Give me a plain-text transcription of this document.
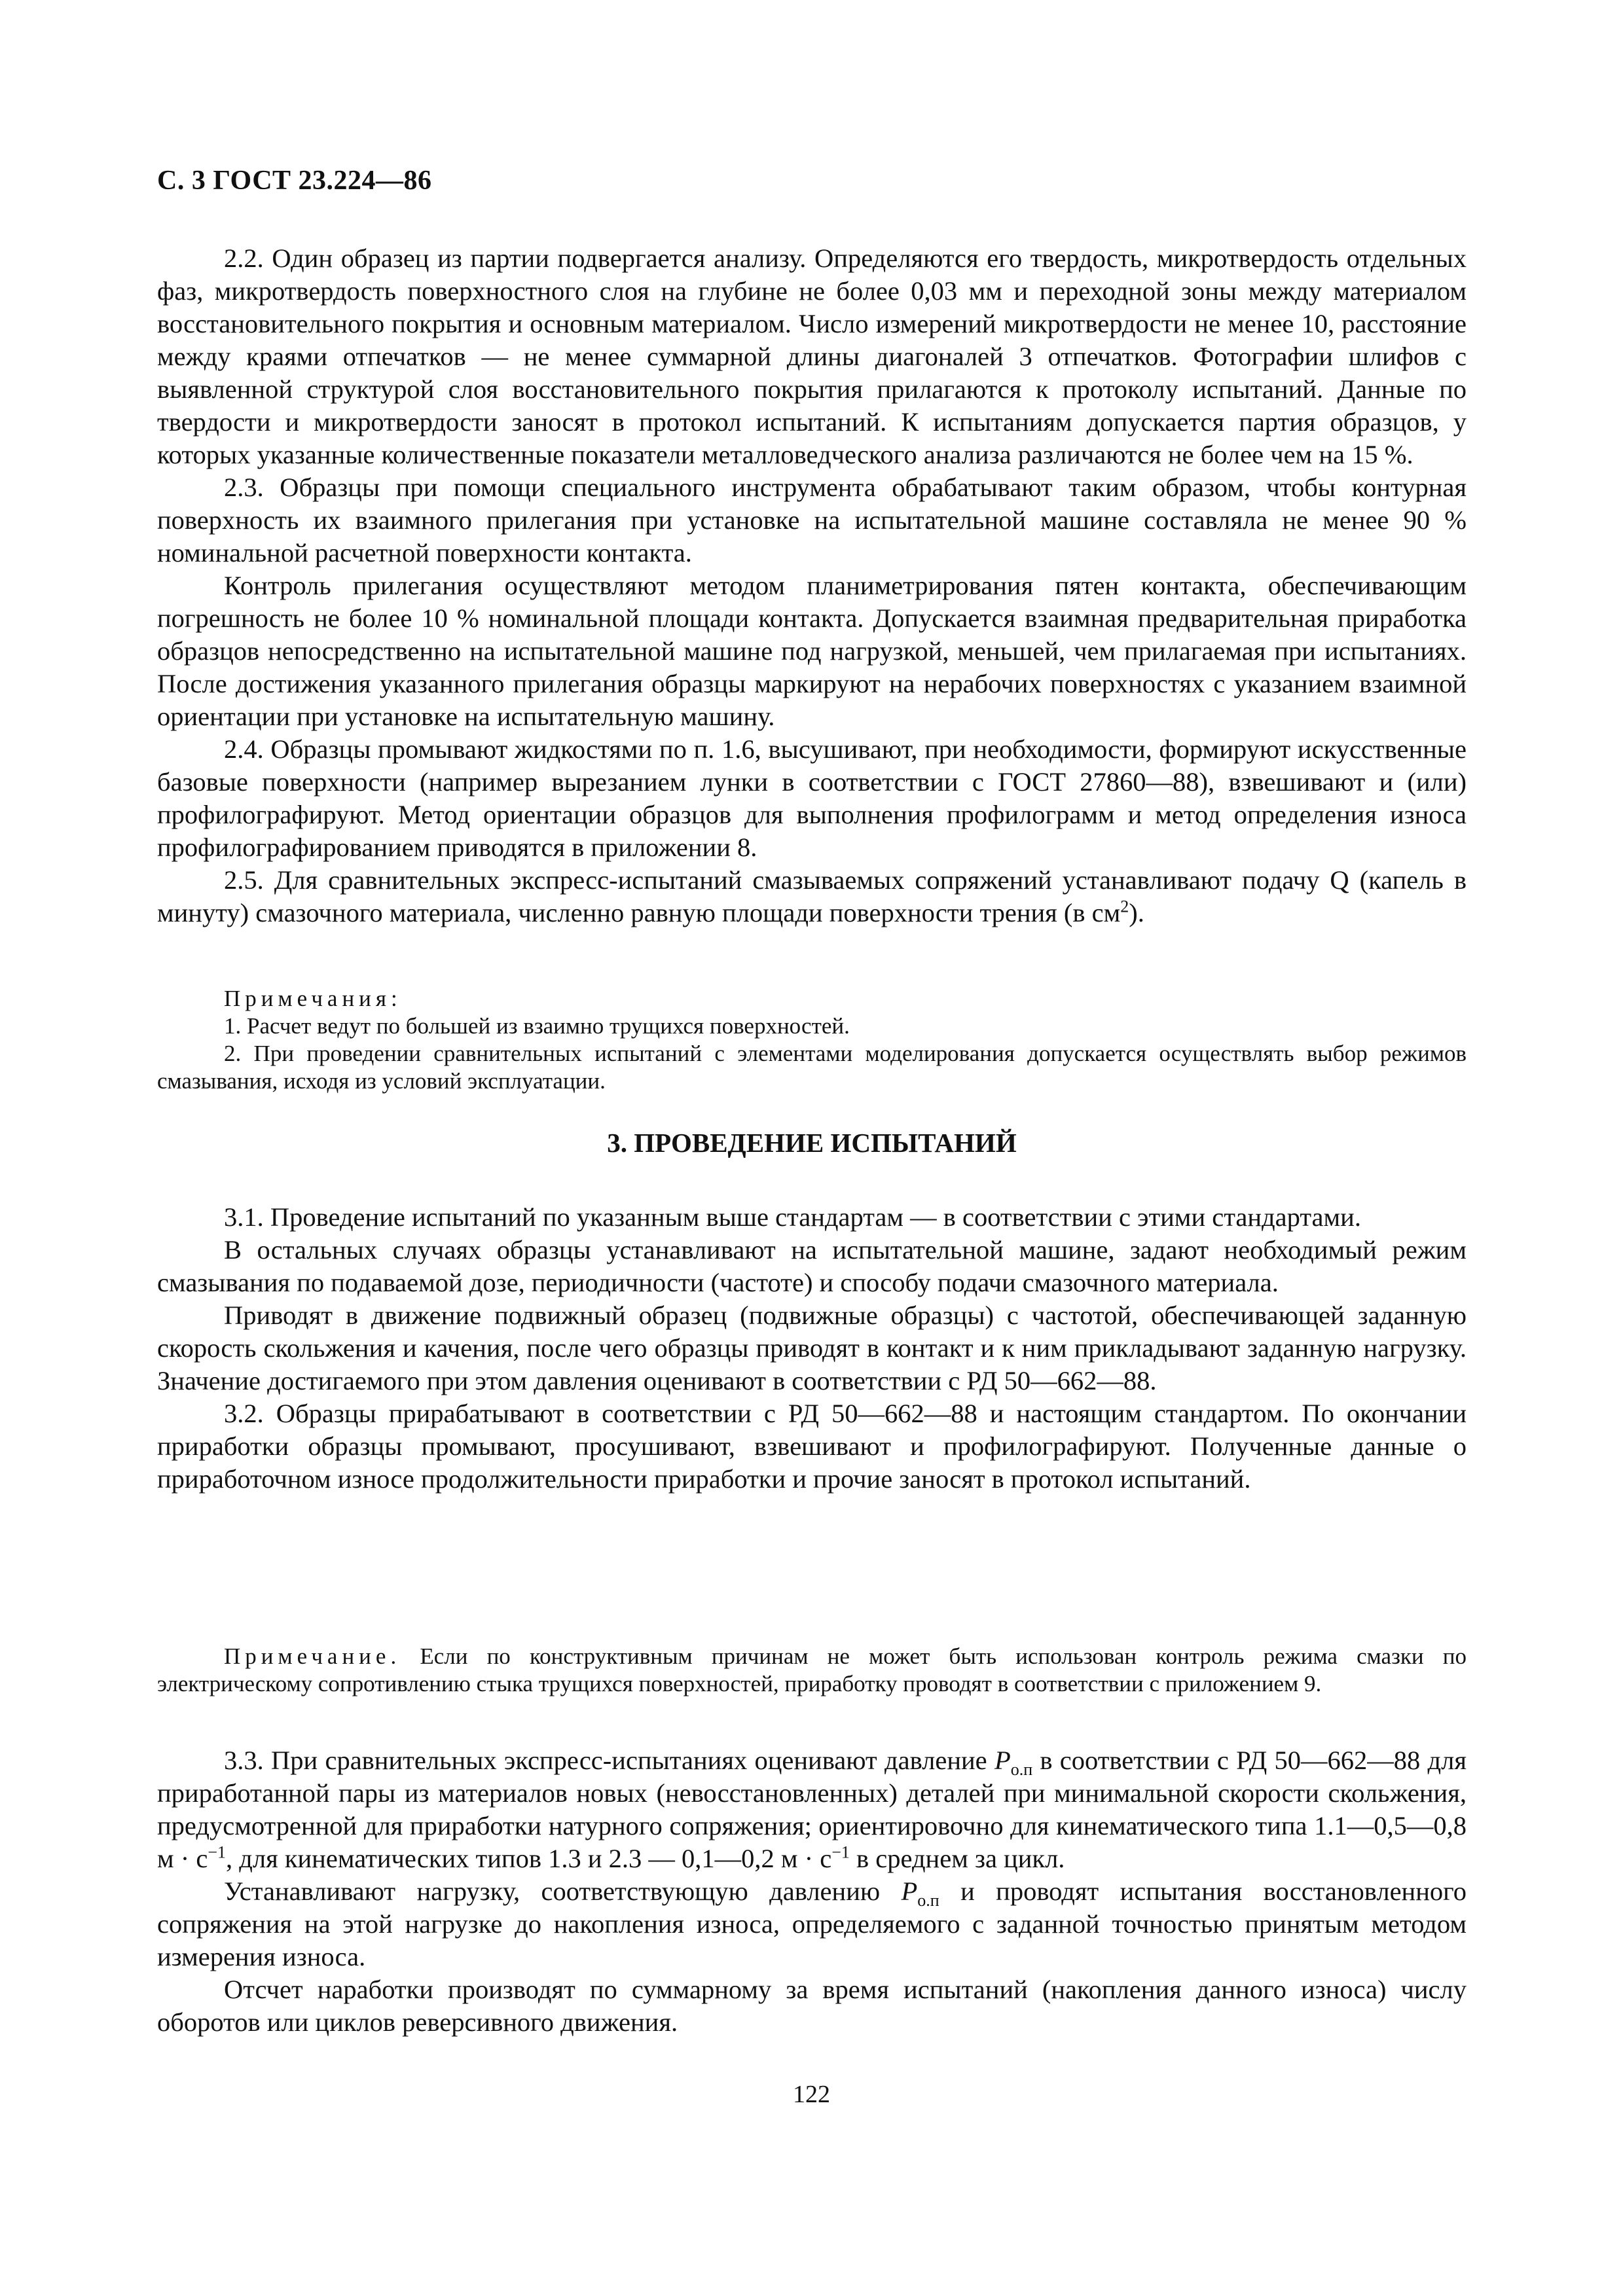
С. 3 ГОСТ 23.224—86

2.2. Один образец из партии подвергается анализу. Определяются его твердость, микротвердость отдельных фаз, микротвердость поверхностного слоя на глубине не более 0,03 мм и переходной зоны между материалом восстановительного покрытия и основным материалом. Число измерений микротвердости не менее 10, расстояние между краями отпечатков — не менее суммарной длины диагоналей 3 отпечатков. Фотографии шлифов с выявленной структурой слоя восстановительного покрытия прилагаются к протоколу испытаний. Данные по твердости и микротвердости заносят в протокол испытаний. К испытаниям допускается партия образцов, у которых указанные количественные показатели металловедческого анализа различаются не более чем на 15 %.

2.3. Образцы при помощи специального инструмента обрабатывают таким образом, чтобы контурная поверхность их взаимного прилегания при установке на испытательной машине составляла не менее 90 % номинальной расчетной поверхности контакта.

Контроль прилегания осуществляют методом планиметрирования пятен контакта, обеспечивающим погрешность не более 10 % номинальной площади контакта. Допускается взаимная предварительная приработка образцов непосредственно на испытательной машине под нагрузкой, меньшей, чем прилагаемая при испытаниях. После достижения указанного прилегания образцы маркируют на нерабочих поверхностях с указанием взаимной ориентации при установке на испытательную машину.

2.4. Образцы промывают жидкостями по п. 1.6, высушивают, при необходимости, формируют искусственные базовые поверхности (например вырезанием лунки в соответствии с ГОСТ 27860—88), взвешивают и (или) профилографируют. Метод ориентации образцов для выполнения профилограмм и метод определения износа профилографированием приводятся в приложении 8.

2.5. Для сравнительных экспресс-испытаний смазываемых сопряжений устанавливают подачу Q (капель в минуту) смазочного материала, численно равную площади поверхности трения (в $см^2$).

Примечания:

1. Расчет ведут по большей из взаимно трущихся поверхностей.

2. При проведении сравнительных испытаний с элементами моделирования допускается осуществлять выбор режимов смазывания, исходя из условий эксплуатации.

3. ПРОВЕДЕНИЕ ИСПЫТАНИЙ

3.1. Проведение испытаний по указанным выше стандартам — в соответствии с этими стандартами.

В остальных случаях образцы устанавливают на испытательной машине, задают необходимый режим смазывания по подаваемой дозе, периодичности (частоте) и способу подачи смазочного материала.

Приводят в движение подвижный образец (подвижные образцы) с частотой, обеспечивающей заданную скорость скольжения и качения, после чего образцы приводят в контакт и к ним прикладывают заданную нагрузку. Значение достигаемого при этом давления оценивают в соответствии с РД 50—662—88.

3.2. Образцы прирабатывают в соответствии с РД 50—662—88 и настоящим стандартом. По окончании приработки образцы промывают, просушивают, взвешивают и профилографируют. Полученные данные о приработочном износе продолжительности приработки и прочие заносят в протокол испытаний.

Примечание. Если по конструктивным причинам не может быть использован контроль режима смазки по электрическому сопротивлению стыка трущихся поверхностей, приработку проводят в соответствии с приложением 9.

3.3. При сравнительных экспресс-испытаниях оценивают давление $P_{о.п}$ в соответствии с РД 50—662—88 для приработанной пары из материалов новых (невосстановленных) деталей при минимальной скорости скольжения, предусмотренной для приработки натурного сопряжения; ориентировочно для кинематического типа 1.1—0,5—0,8 $м \cdot с^{-1}$, для кинематических типов 1.3 и 2.3 — 0,1—0,2 $м \cdot с^{-1}$ в среднем за цикл.

Устанавливают нагрузку, соответствующую давлению $P_{о.п}$ и проводят испытания восстановленного сопряжения на этой нагрузке до накопления износа, определяемого с заданной точностью принятым методом измерения износа.

Отсчет наработки производят по суммарному за время испытаний (накопления данного износа) числу оборотов или циклов реверсивного движения.

122
